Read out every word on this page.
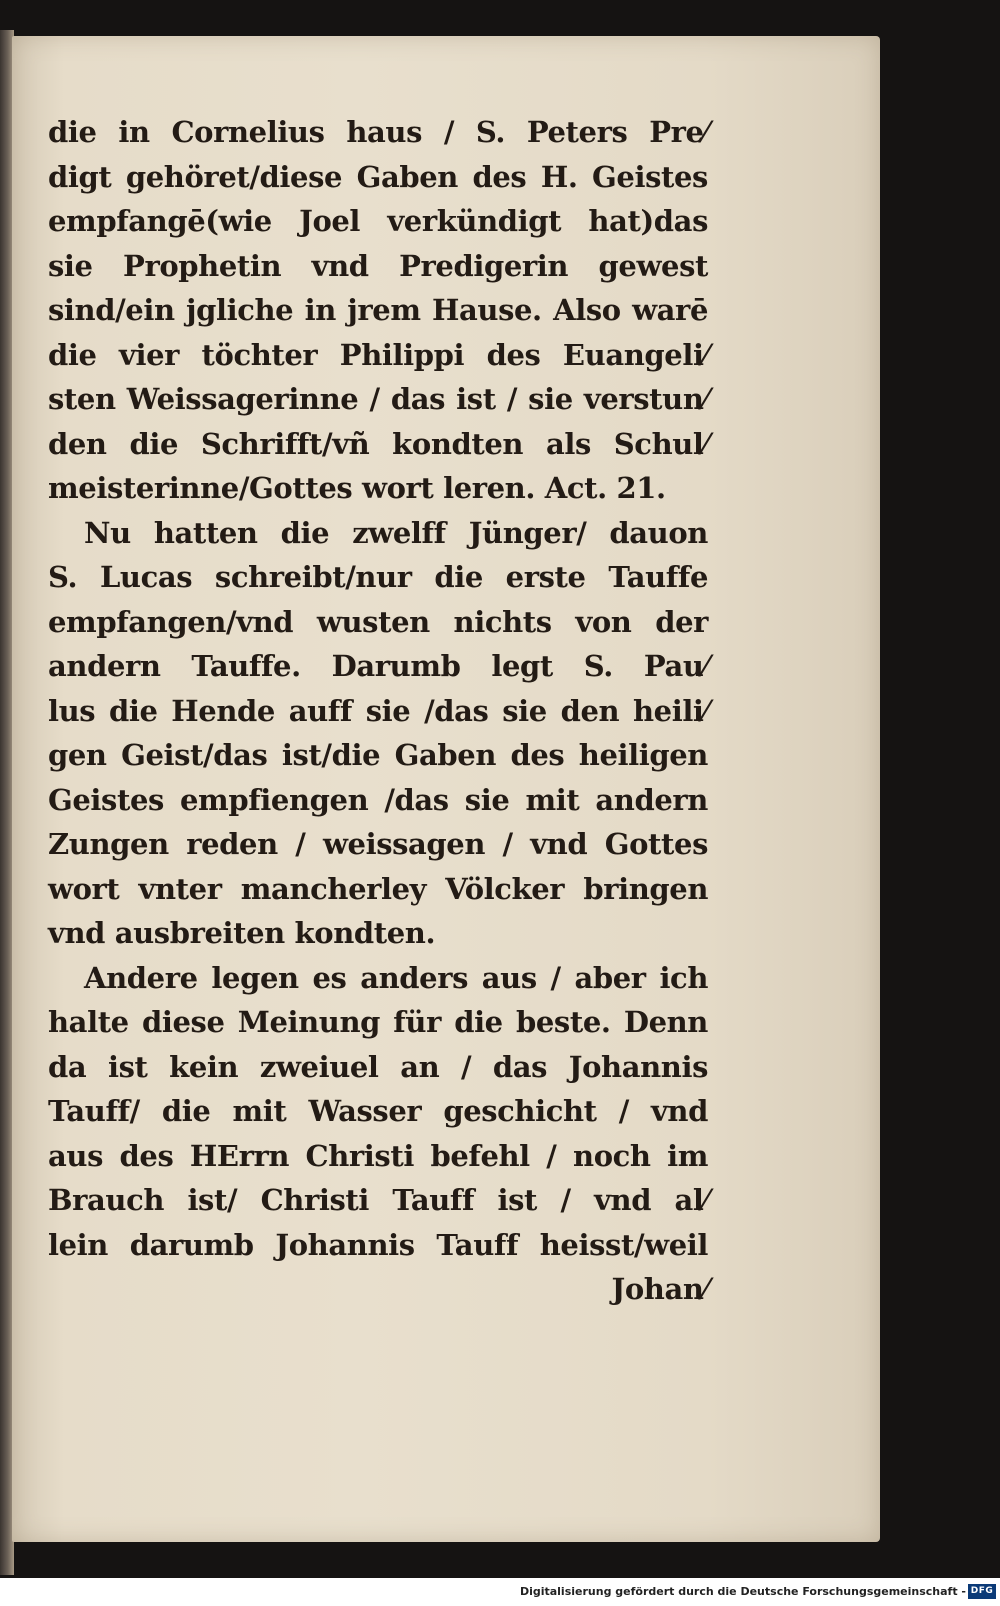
die in Cornelius haus / S. Peters Pre⁄
digt gehöret/diese Gaben des H. Geistes
empfangē(wie Joel verkündigt hat)das
sie Prophetin vnd Predigerin gewest
sind/ein jgliche in jrem Hause. Also warē
die vier töchter Philippi des Euangeli⁄
sten Weissagerinne / das ist / sie verstun⁄
den die Schrifft/vñ kondten als Schul⁄
meisterinne/Gottes wort leren. Act. 21.
Nu hatten die zwelff Jünger/ dauon
S. Lucas schreibt/nur die erste Tauffe
empfangen/vnd wusten nichts von der
andern Tauffe. Darumb legt S. Pau⁄
lus die Hende auff sie /das sie den heili⁄
gen Geist/das ist/die Gaben des heiligen
Geistes empfiengen /das sie mit andern
Zungen reden / weissagen / vnd Gottes
wort vnter mancherley Völcker bringen
vnd ausbreiten kondten.
Andere legen es anders aus / aber ich
halte diese Meinung für die beste. Denn
da ist kein zweiuel an / das Johannis
Tauff/ die mit Wasser geschicht / vnd
aus des HErrn Christi befehl / noch im
Brauch ist/ Christi Tauff ist / vnd al⁄
lein darumb Johannis Tauff heisst/weil
Johan⁄
Digitalisierung gefördert durch die Deutsche Forschungsgemeinschaft - DFG
